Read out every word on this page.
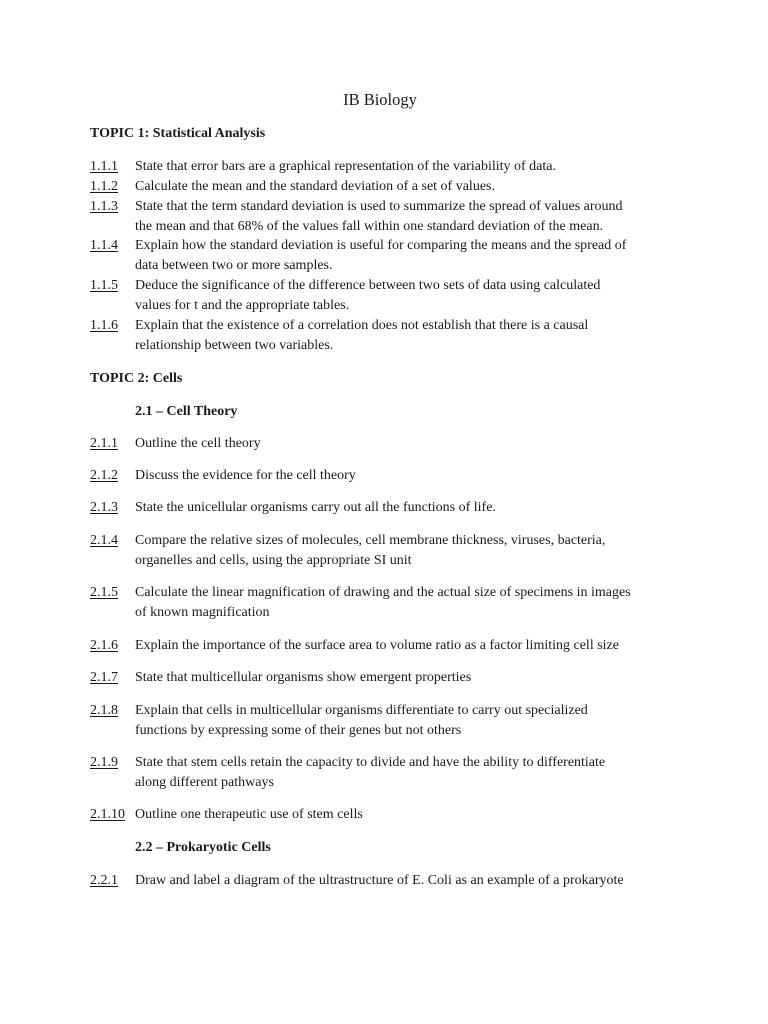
IB Biology
TOPIC 1: Statistical Analysis
1.1.1 State that error bars are a graphical representation of the variability of data.
1.1.2 Calculate the mean and the standard deviation of a set of values.
1.1.3 State that the term standard deviation is used to summarize the spread of values around
the mean and that 68% of the values fall within one standard deviation of the mean.
1.1.4 Explain how the standard deviation is useful for comparing the means and the spread of
data between two or more samples.
1.1.5 Deduce the significance of the difference between two sets of data using calculated
values for t and the appropriate tables.
1.1.6 Explain that the existence of a correlation does not establish that there is a causal
relationship between two variables.
TOPIC 2: Cells
2.1 – Cell Theory
2.1.1 Outline the cell theory
2.1.2 Discuss the evidence for the cell theory
2.1.3 State the unicellular organisms carry out all the functions of life.
2.1.4 Compare the relative sizes of molecules, cell membrane thickness, viruses, bacteria,
organelles and cells, using the appropriate SI unit
2.1.5 Calculate the linear magnification of drawing and the actual size of specimens in images
of known magnification
2.1.6 Explain the importance of the surface area to volume ratio as a factor limiting cell size
2.1.7 State that multicellular organisms show emergent properties
2.1.8 Explain that cells in multicellular organisms differentiate to carry out specialized
functions by expressing some of their genes but not others
2.1.9 State that stem cells retain the capacity to divide and have the ability to differentiate
along different pathways
2.1.10 Outline one therapeutic use of stem cells
2.2 – Prokaryotic Cells
2.2.1 Draw and label a diagram of the ultrastructure of E. Coli as an example of a prokaryote
